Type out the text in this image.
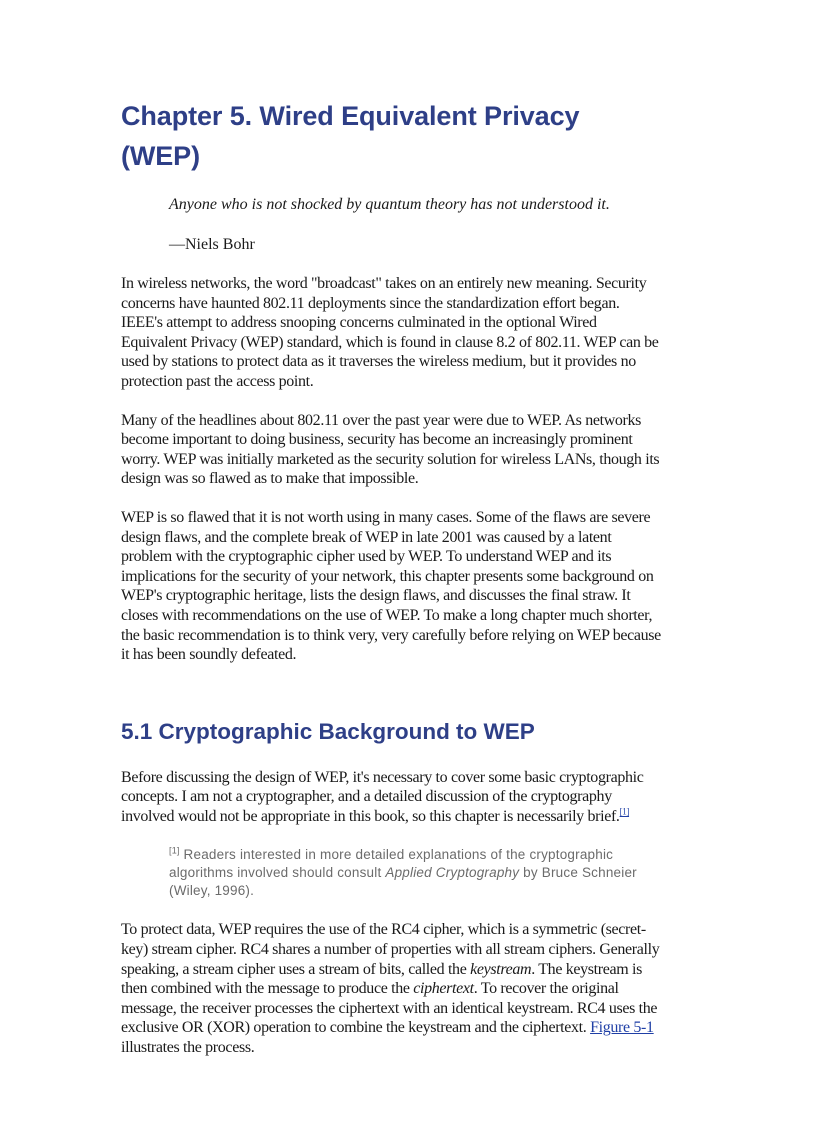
Chapter 5. Wired Equivalent Privacy (WEP)
Anyone who is not shocked by quantum theory has not understood it.
—Niels Bohr

In wireless networks, the word "broadcast" takes on an entirely new meaning. Security concerns have haunted 802.11 deployments since the standardization effort began. IEEE's attempt to address snooping concerns culminated in the optional Wired Equivalent Privacy (WEP) standard, which is found in clause 8.2 of 802.11. WEP can be used by stations to protect data as it traverses the wireless medium, but it provides no protection past the access point.

Many of the headlines about 802.11 over the past year were due to WEP. As networks become important to doing business, security has become an increasingly prominent worry. WEP was initially marketed as the security solution for wireless LANs, though its design was so flawed as to make that impossible.

WEP is so flawed that it is not worth using in many cases. Some of the flaws are severe design flaws, and the complete break of WEP in late 2001 was caused by a latent problem with the cryptographic cipher used by WEP. To understand WEP and its implications for the security of your network, this chapter presents some background on WEP's cryptographic heritage, lists the design flaws, and discusses the final straw. It closes with recommendations on the use of WEP. To make a long chapter much shorter, the basic recommendation is to think very, very carefully before relying on WEP because it has been soundly defeated.

5.1 Cryptographic Background to WEP

Before discussing the design of WEP, it's necessary to cover some basic cryptographic concepts. I am not a cryptographer, and a detailed discussion of the cryptography involved would not be appropriate in this book, so this chapter is necessarily brief.[1]

[1] Readers interested in more detailed explanations of the cryptographic algorithms involved should consult Applied Cryptography by Bruce Schneier (Wiley, 1996).

To protect data, WEP requires the use of the RC4 cipher, which is a symmetric (secret-key) stream cipher. RC4 shares a number of properties with all stream ciphers. Generally speaking, a stream cipher uses a stream of bits, called the keystream. The keystream is then combined with the message to produce the ciphertext. To recover the original message, the receiver processes the ciphertext with an identical keystream. RC4 uses the exclusive OR (XOR) operation to combine the keystream and the ciphertext. Figure 5-1 illustrates the process.
